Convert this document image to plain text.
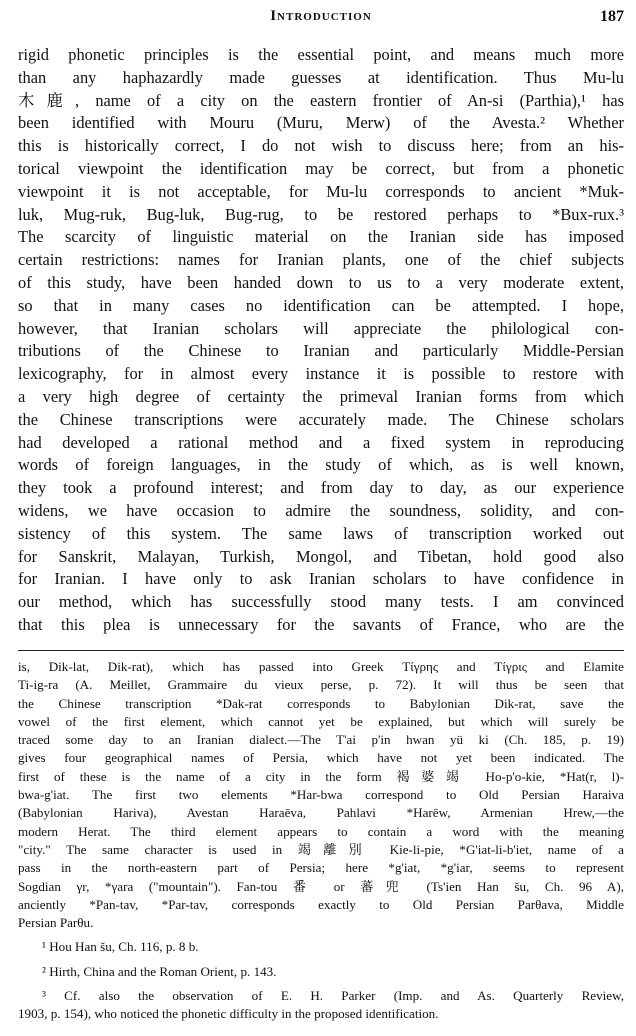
Introduction	187
rigid phonetic principles is the essential point, and means much more
than any haphazardly made guesses at identification. Thus Mu-lu
木鹿, name of a city on the eastern frontier of An-si (Parthia),¹ has
been identified with Mouru (Muru, Merw) of the Avesta.² Whether
this is historically correct, I do not wish to discuss here; from an his-
torical viewpoint the identification may be correct, but from a phonetic
viewpoint it is not acceptable, for Mu-lu corresponds to ancient *Muk-
luk, Mug-ruk, Bug-luk, Bug-rug, to be restored perhaps to *Bux-rux.³
The scarcity of linguistic material on the Iranian side has imposed
certain restrictions: names for Iranian plants, one of the chief subjects
of this study, have been handed down to us to a very moderate extent,
so that in many cases no identification can be attempted. I hope,
however, that Iranian scholars will appreciate the philological con-
tributions of the Chinese to Iranian and particularly Middle-Persian
lexicography, for in almost every instance it is possible to restore with
a very high degree of certainty the primeval Iranian forms from which
the Chinese transcriptions were accurately made. The Chinese scholars
had developed a rational method and a fixed system in reproducing
words of foreign languages, in the study of which, as is well known,
they took a profound interest; and from day to day, as our experience
widens, we have occasion to admire the soundness, solidity, and con-
sistency of this system. The same laws of transcription worked out
for Sanskrit, Malayan, Turkish, Mongol, and Tibetan, hold good also
for Iranian. I have only to ask Iranian scholars to have confidence in
our method, which has successfully stood many tests. I am convinced
that this plea is unnecessary for the savants of France, who are the
is, Dik-lat, Dik-rat), which has passed into Greek Τίγρης and Τίγρις and Elamite
Ti-ig-ra (A. Meillet, Grammaire du vieux perse, p. 72). It will thus be seen that
the Chinese transcription *Dak-rat corresponds to Babylonian Dik-rat, save the
vowel of the first element, which cannot yet be explained, but which will surely be
traced some day to an Iranian dialect.—The T'ai p'in hwan yü ki (Ch. 185, p. 19)
gives four geographical names of Persia, which have not yet been indicated. The
first of these is the name of a city in the form 褐婆竭 Ho-p'o-kie, *Hat(r, l)-
bwa-g'iat. The first two elements *Har-bwa correspond to Old Persian Haraiva
(Babylonian Hariva), Avestan Haraēva, Pahlavi *Harēw, Armenian Hrew,—the
modern Herat. The third element appears to contain a word with the meaning
"city." The same character is used in 竭離別 Kie-li-pie, *G'iat-li-b'iet, name of a
pass in the north-eastern part of Persia; here *g'iat, *g'iar, seems to represent
Sogdian γr, *γara ("mountain"). Fan-tou 番 or 蕃兜 (Ts'ien Han šu, Ch. 96 A),
anciently *Pan-tav, *Par-tav, corresponds exactly to Old Persian Parθava, Middle
Persian Parθu.
¹ Hou Han šu, Ch. 116, p. 8 b.
² Hirth, China and the Roman Orient, p. 143.
³ Cf. also the observation of E. H. Parker (Imp. and As. Quarterly Review,
1903, p. 154), who noticed the phonetic difficulty in the proposed identification.
